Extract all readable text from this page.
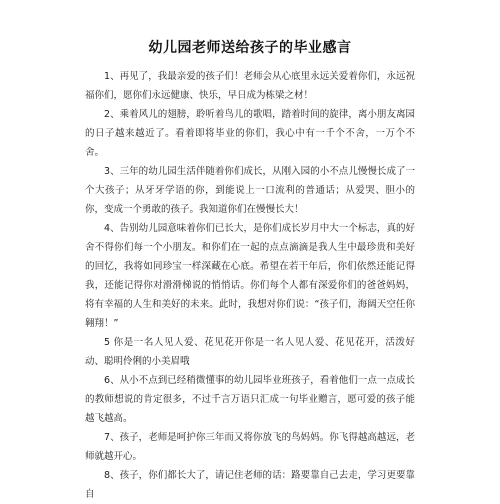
幼儿园老师送给孩子的毕业感言

1、再见了，我最亲爱的孩子们！老师会从心底里永远关爱着你们，永远祝福你们，愿你们永远健康、快乐，早日成为栋梁之材！

2、乘着风儿的翅膀，聆听着鸟儿的歌唱，踏着时间的旋律，离小朋友离园的日子越来越近了。看着即将毕业的你们，我心中有一千个不舍，一万个不舍。

3、三年的幼儿园生活伴随着你们成长，从刚入园的小不点儿慢慢长成了一个大孩子；从牙牙学语的你，到能说上一口流利的普通话；从爱哭、胆小的你，变成一个勇敢的孩子。我知道你们在慢慢长大！

4、告别幼儿园意味着你们已长大，是你们成长岁月中大一个标志，真的好舍不得你们每一个小朋友。和你们在一起的点点滴滴是我人生中最珍贵和美好的回忆，我将如同珍宝一样深藏在心底。希望在若干年后，你们依然还能记得我，还能记得你对滑滑梯说的悄悄话。你们每个人都有深爱你们的爸爸妈妈，将有幸福的人生和美好的未来。此时，我想对你们说：“孩子们，海阔天空任你翱翔！”

5 你是一名人见人爱、花见花开你是一名人见人爱、花见花开，活泼好动、聪明伶俐的小美眉哦

6、从小不点到已经稍微懂事的幼儿园毕业班孩子，看着他们一点一点成长的教师想说的肯定很多，不过千言万语只汇成一句毕业赠言，愿可爱的孩子能越飞越高。

7、孩子，老师是呵护你三年而又将你放飞的鸟妈妈。你飞得越高越远，老师就越开心。

8、孩子，你们都长大了，请记住老师的话：路要靠自己去走，学习更要靠自
